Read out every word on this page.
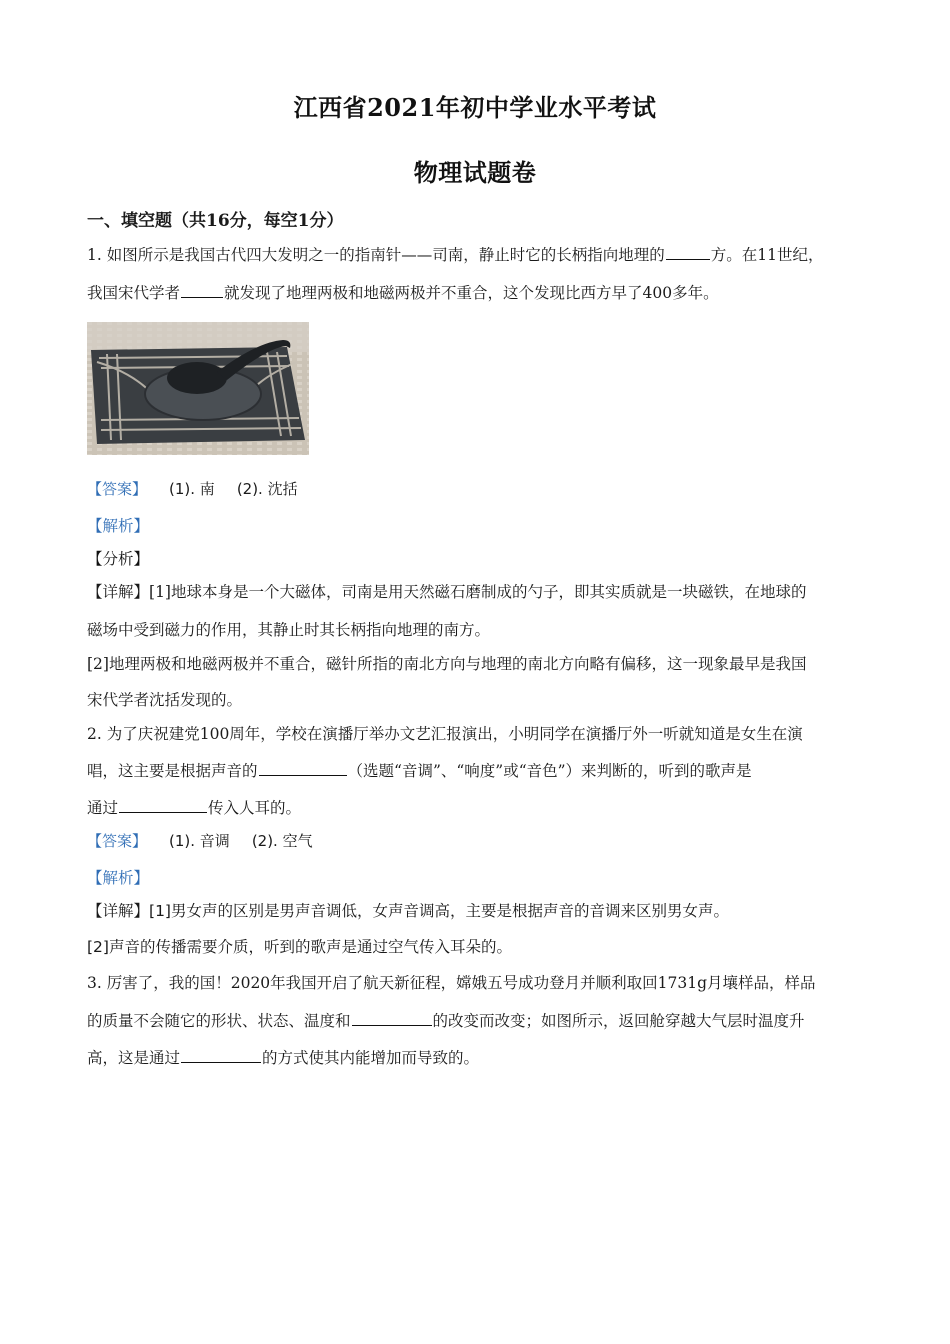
江西省2021年初中学业水平考试
物理试题卷
一、填空题（共16分，每空1分）
1. 如图所示是我国古代四大发明之一的指南针——司南，静止时它的长柄指向地理的	方。在11世纪，
我国宋代学者	就发现了地理两极和地磁两极并不重合，这个发现比西方早了400多年。
【答案】 (1). 南 (2). 沈括
【解析】
【分析】
【详解】[1]地球本身是一个大磁体，司南是用天然磁石磨制成的勺子，即其实质就是一块磁铁，在地球的
磁场中受到磁力的作用，其静止时其长柄指向地理的南方。
[2]地理两极和地磁两极并不重合，磁针所指的南北方向与地理的南北方向略有偏移，这一现象最早是我国
宋代学者沈括发现的。
2. 为了庆祝建党100周年，学校在演播厅举办文艺汇报演出，小明同学在演播厅外一听就知道是女生在演
唱，这主要是根据声音的	（选题“音调”、“响度”或“音色”）来判断的，听到的歌声是
通过	传入人耳的。
【答案】 (1). 音调 (2). 空气
【解析】
【详解】[1]男女声的区别是男声音调低，女声音调高，主要是根据声音的音调来区别男女声。
[2]声音的传播需要介质，听到的歌声是通过空气传入耳朵的。
3. 厉害了，我的国！2020年我国开启了航天新征程，嫦娥五号成功登月并顺利取回1731g月壤样品，样品
的质量不会随它的形状、状态、温度和	的改变而改变；如图所示，返回舱穿越大气层时温度升
高，这是通过	的方式使其内能增加而导致的。
